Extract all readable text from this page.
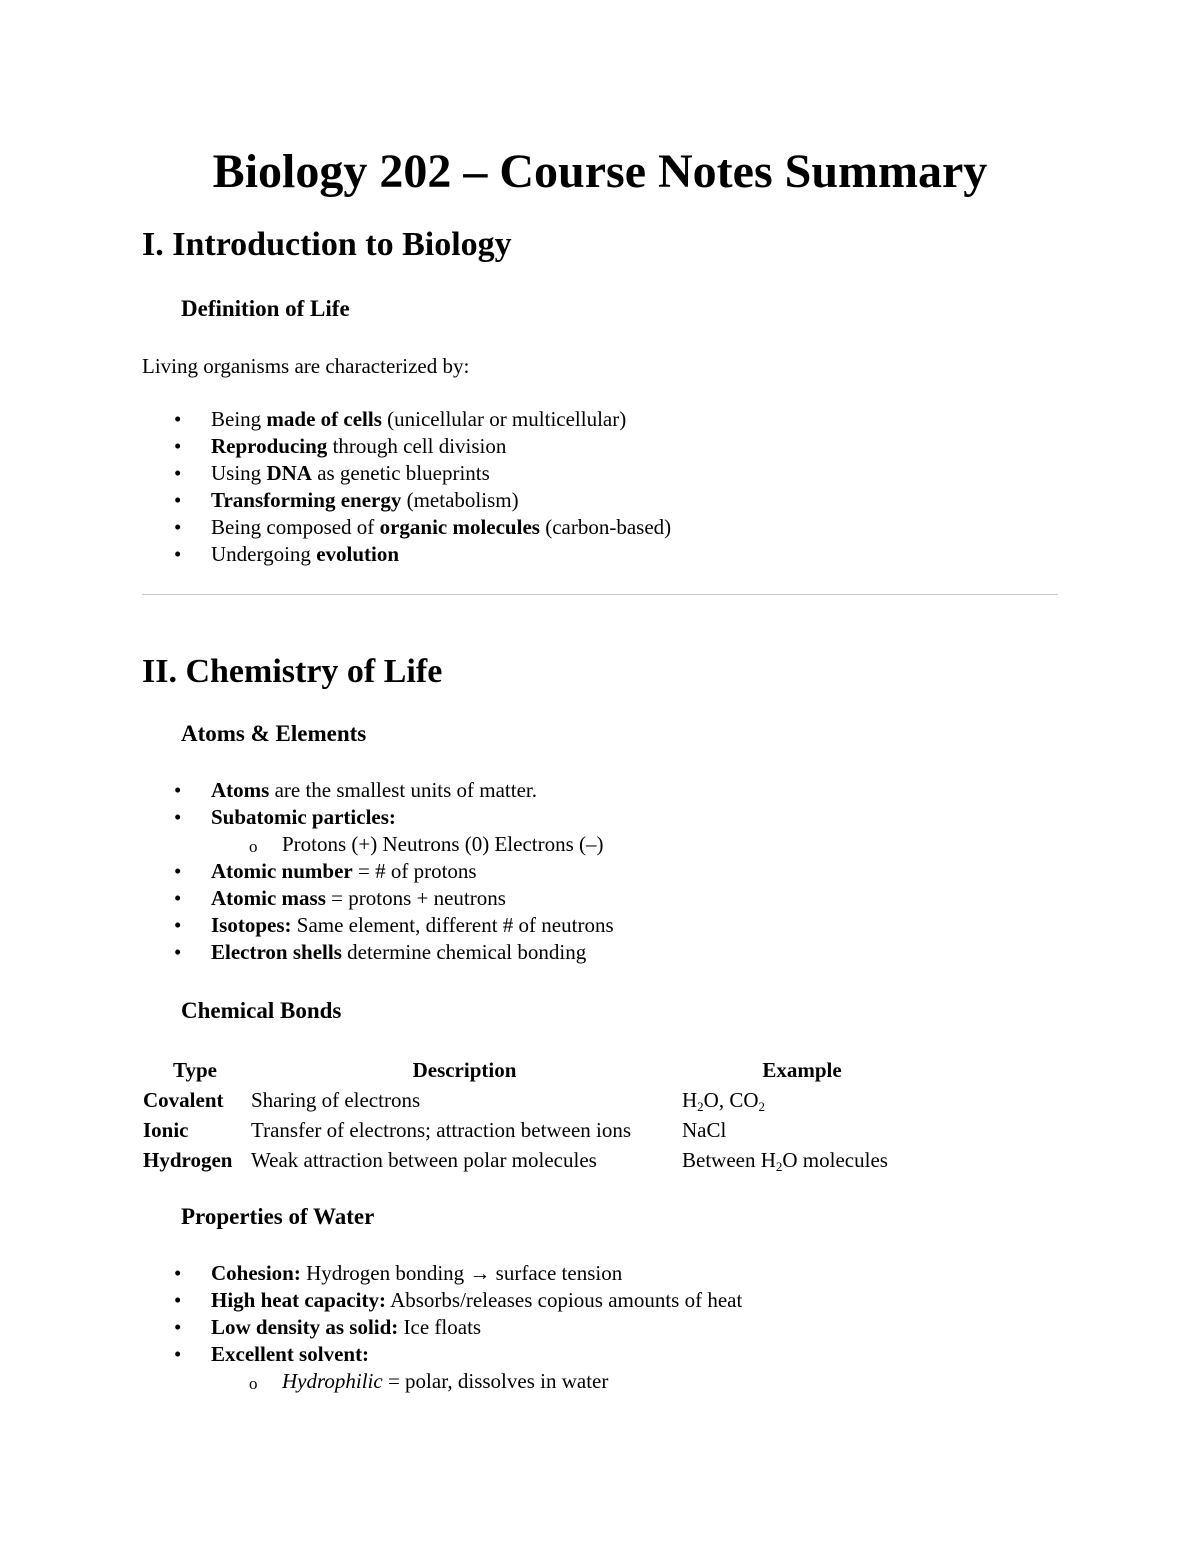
Biology 202 – Course Notes Summary
I. Introduction to Biology
Definition of Life

Living organisms are characterized by:

• Being made of cells (unicellular or multicellular)
• Reproducing through cell division
• Using DNA as genetic blueprints
• Transforming energy (metabolism)
• Being composed of organic molecules (carbon-based)
• Undergoing evolution
II. Chemistry of Life
Atoms & Elements
• Atoms are the smallest units of matter.
• Subatomic particles:
o Protons (+) Neutrons (0) Electrons (–)
• Atomic number = # of protons
• Atomic mass = protons + neutrons
• Isotopes: Same element, different # of neutrons
• Electron shells determine chemical bonding
Chemical Bonds
Type	Description	Example
Covalent	Sharing of electrons	$H_2O$, $CO_2$
Ionic	Transfer of electrons; attraction between ions	NaCl
Hydrogen	Weak attraction between polar molecules	Between $H_2O$ molecules
Properties of Water
• Cohesion: Hydrogen bonding → surface tension
• High heat capacity: Absorbs/releases copious amounts of heat
• Low density as solid: Ice floats
• Excellent solvent:
o Hydrophilic = polar, dissolves in water
